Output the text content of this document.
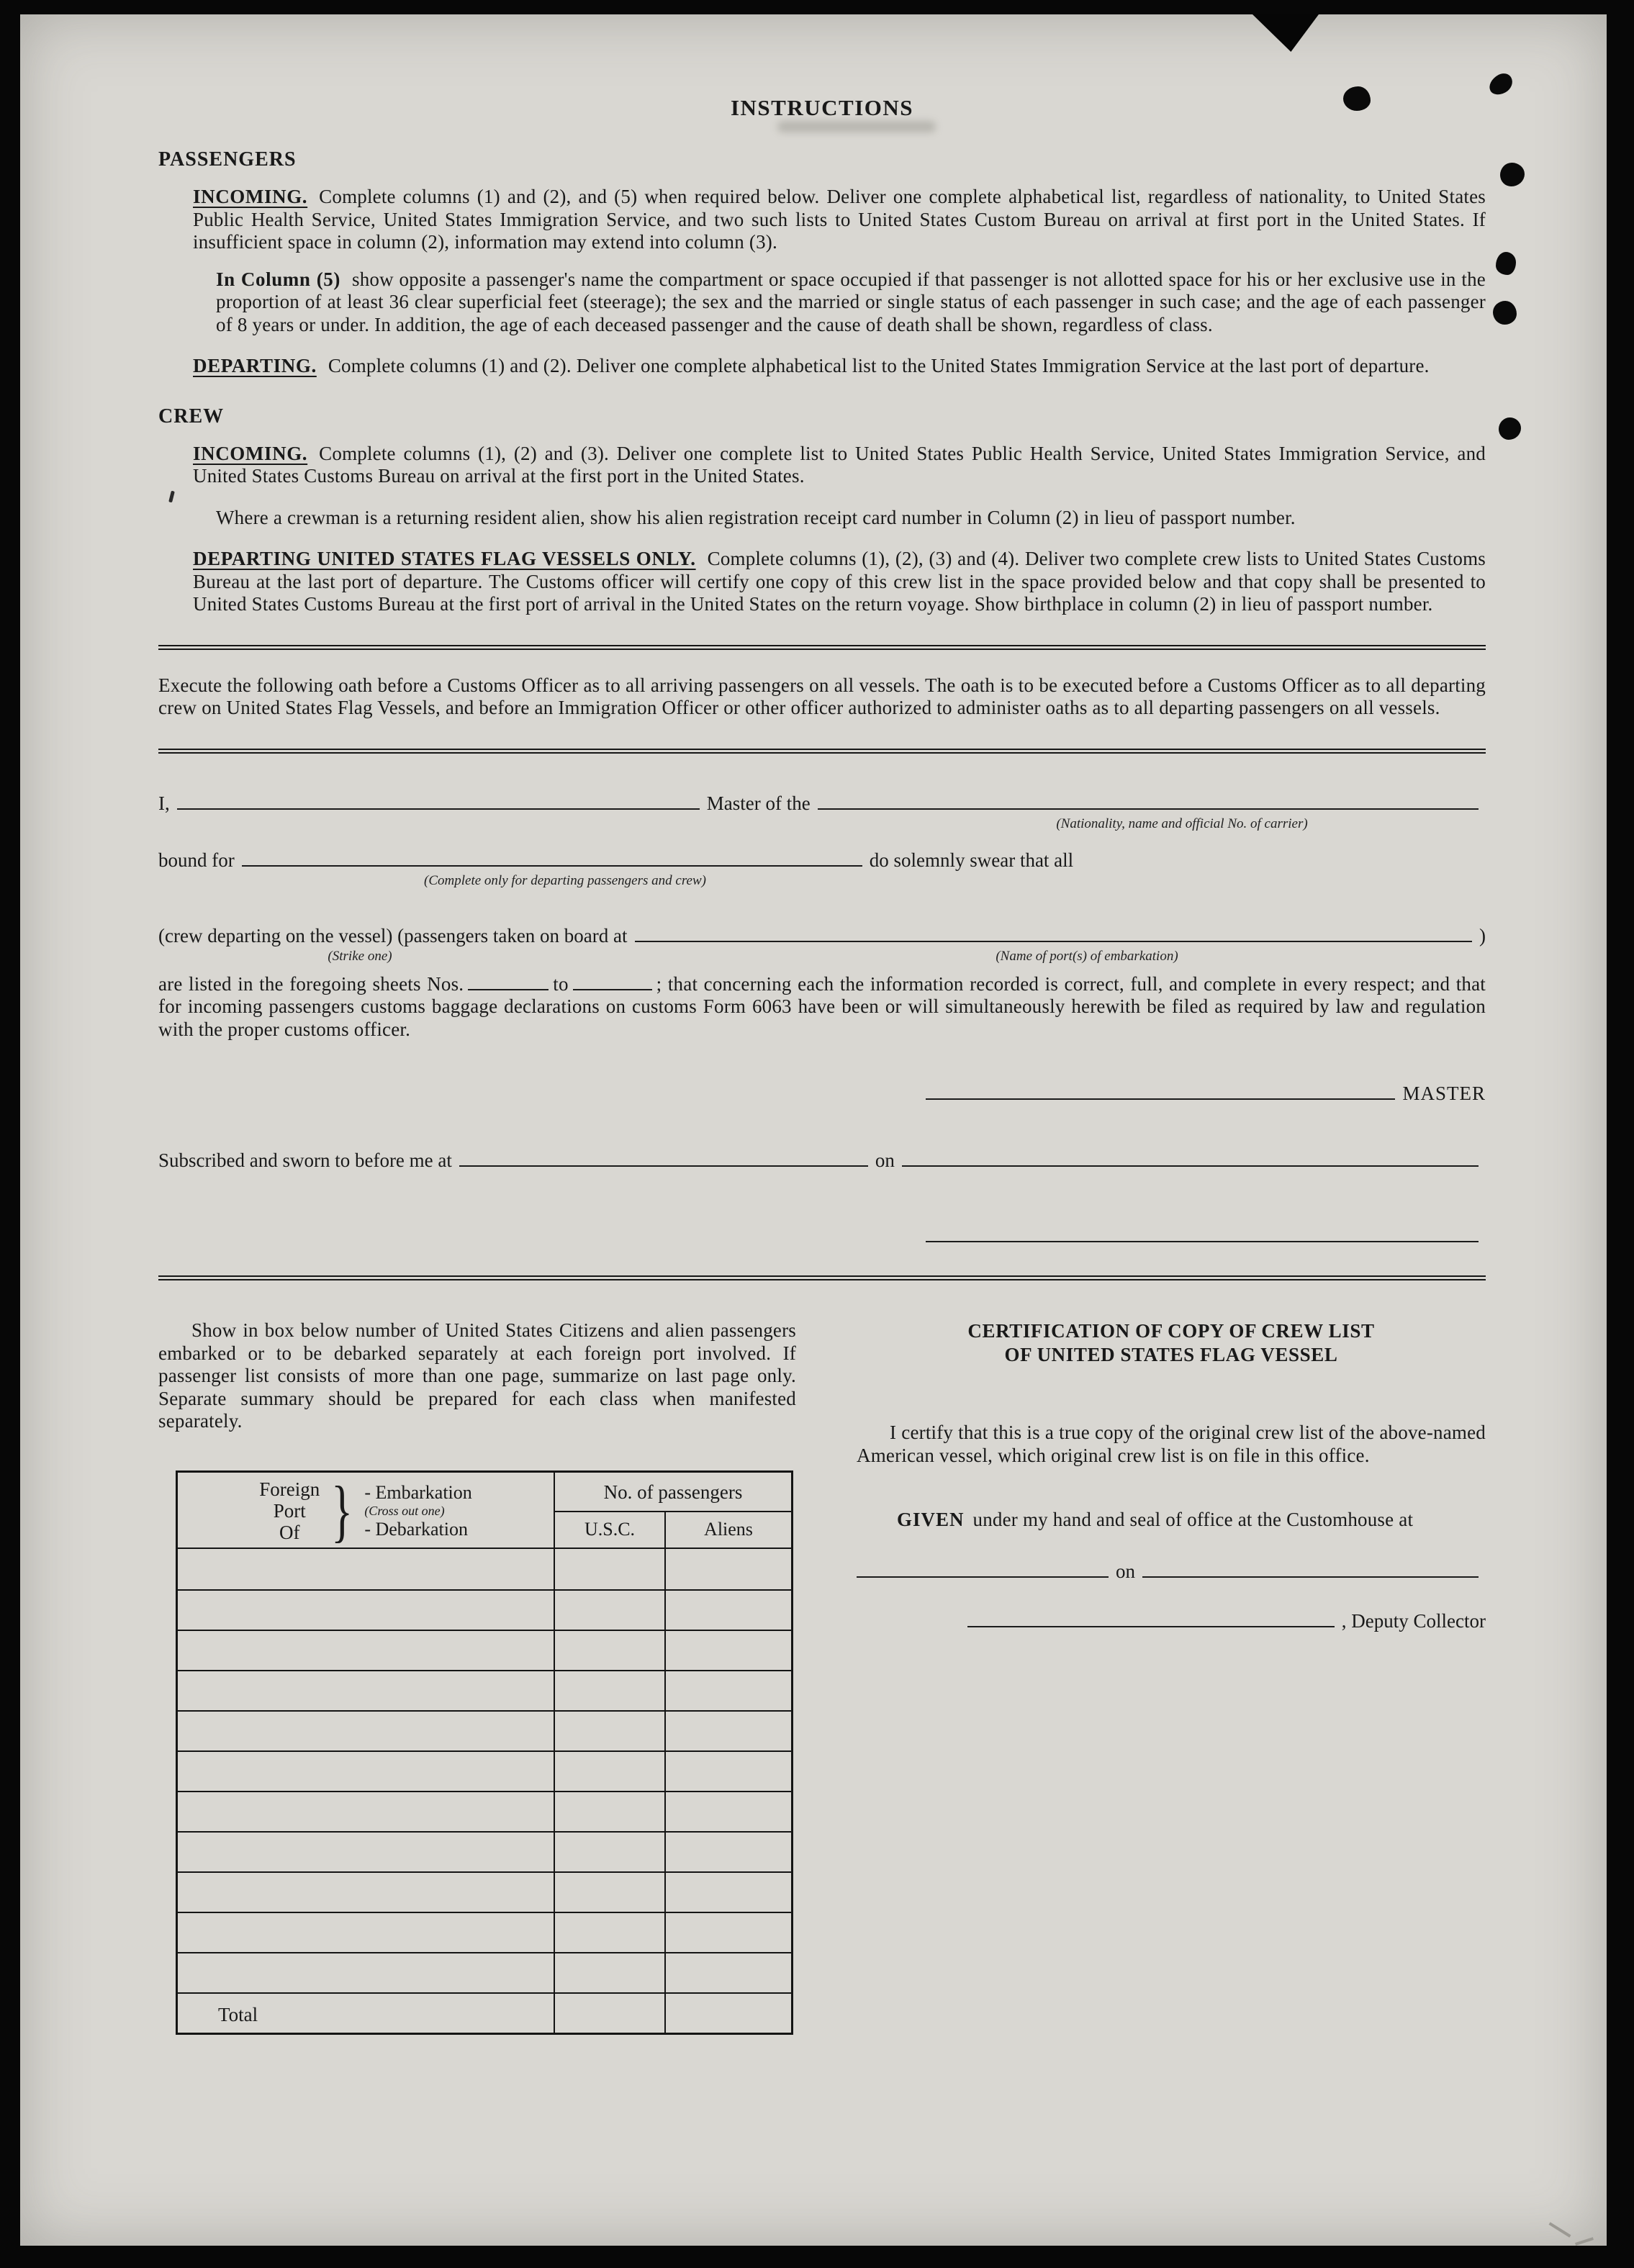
INSTRUCTIONS
PASSENGERS

INCOMING. Complete columns (1) and (2), and (5) when required below. Deliver one complete alphabetical list, regardless of nationality, to United States Public Health Service, United States Immigration Service, and two such lists to United States Custom Bureau on arrival at first port in the United States. If insufficient space in column (2), information may extend into column (3).

In Column (5) show opposite a passenger's name the compartment or space occupied if that passenger is not allotted space for his or her exclusive use in the proportion of at least 36 clear superficial feet (steerage); the sex and the married or single status of each passenger in such case; and the age of each passenger of 8 years or under. In addition, the age of each deceased passenger and the cause of death shall be shown, regardless of class.

DEPARTING. Complete columns (1) and (2). Deliver one complete alphabetical list to the United States Immigration Service at the last port of departure.

CREW

INCOMING. Complete columns (1), (2) and (3). Deliver one complete list to United States Public Health Service, United States Immigration Service, and United States Customs Bureau on arrival at the first port in the United States.

Where a crewman is a returning resident alien, show his alien registration receipt card number in Column (2) in lieu of passport number.

DEPARTING UNITED STATES FLAG VESSELS ONLY. Complete columns (1), (2), (3) and (4). Deliver two complete crew lists to United States Customs Bureau at the last port of departure. The Customs officer will certify one copy of this crew list in the space provided below and that copy shall be presented to United States Customs Bureau at the first port of arrival in the United States on the return voyage. Show birthplace in column (2) in lieu of passport number.

Execute the following oath before a Customs Officer as to all arriving passengers on all vessels. The oath is to be executed before a Customs Officer as to all departing crew on United States Flag Vessels, and before an Immigration Officer or other officer authorized to administer oaths as to all departing passengers on all vessels.

I,	Master of the
(Nationality, name and official No. of carrier)
bound for	do solemnly swear that all
(Complete only for departing passengers and crew)
(crew departing on the vessel) (passengers taken on board at	)
(Strike one)	(Name of port(s) of embarkation)

are listed in the foregoing sheets Nos.	to	; that concerning each the information recorded is correct, full, and complete in every respect; and that for incoming passengers customs baggage declarations on customs Form 6063 have been or will simultaneously herewith be filed as required by law and regulation with the proper customs officer.

MASTER
Subscribed and sworn to before me at	on

Show in box below number of United States Citizens and alien passengers embarked or to be debarked separately at each foreign port involved. If passenger list consists of more than one page, summarize on last page only. Separate summary should be prepared for each class when manifested separately.

Foreign
Port
Of } - Embarkation
(Cross out one)
- Debarkation
No. of passengers
U.S.C.	Aliens
Total
CERTIFICATION OF COPY OF CREW LIST
OF UNITED STATES FLAG VESSEL

I certify that this is a true copy of the original crew list of the above-named American vessel, which original crew list is on file in this office.

GIVEN under my hand and seal of office at the Customhouse at

on
, Deputy Collector
